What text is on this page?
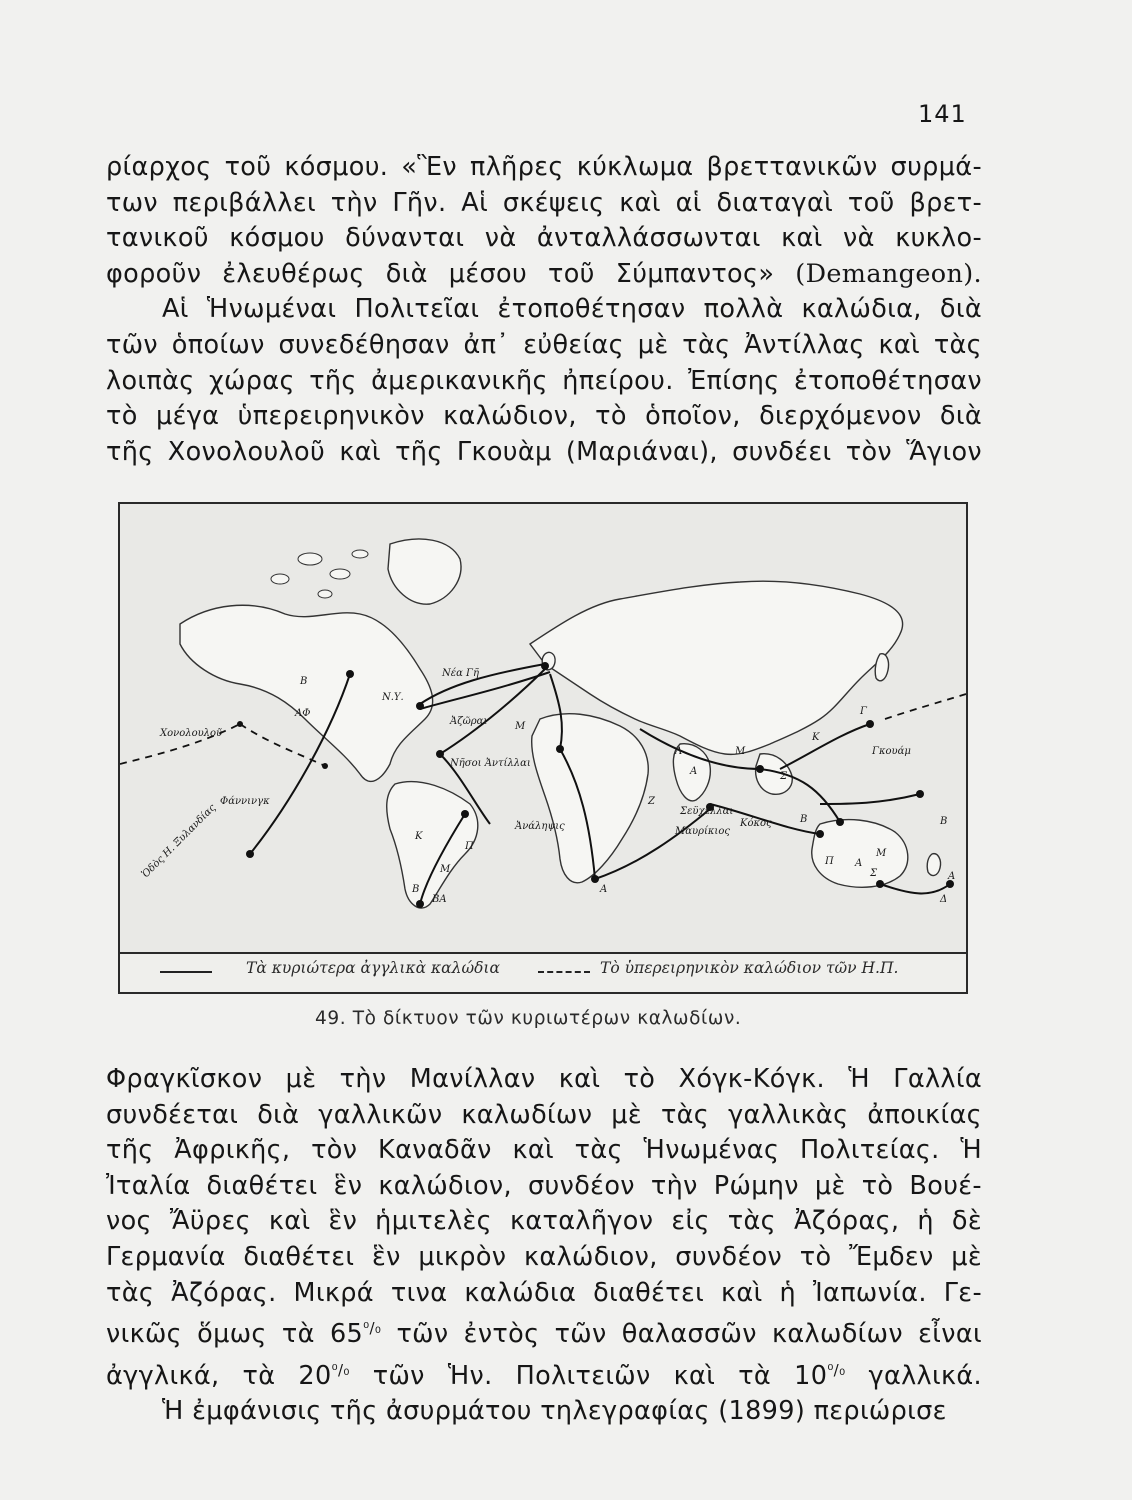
141

ρίαρχος τοῦ κόσμου. «Ἓν πλῆρες κύκλωμα βρεττανικῶν συρμά-

των περιβάλλει τὴν Γῆν. Αἱ σκέψεις καὶ αἱ διαταγαὶ τοῦ βρετ-

τανικοῦ κόσμου δύνανται νὰ ἀνταλλάσσωνται καὶ νὰ κυκλο-

φοροῦν ἐλευθέρως διὰ μέσου τοῦ Σύμπαντος» (Demangeon).

Αἱ Ἡνωμέναι Πολιτεῖαι ἐτοποθέτησαν πολλὰ καλώδια, διὰ

τῶν ὁποίων συνεδέθησαν ἀπ᾽ εὐθείας μὲ τὰς Ἀντίλλας καὶ τὰς

λοιπὰς χώρας τῆς ἀμερικανικῆς ἠπείρου. Ἐπίσης ἐτοποθέτησαν

τὸ μέγα ὑπερειρηνικὸν καλώδιον, τὸ ὁποῖον, διερχόμενον διὰ

τῆς Χονολουλοῦ καὶ τῆς Γκουὰμ (Μαριάναι), συνδέει τὸν Ἅγιον

Ν.Υ.
Νέα Γῆ
Ἀζῶραι
Νῆσοι Ἀντίλλαι
Ἀνάληψις
Σεϋχέλλαι
Μαυρίκιος
Κόκος
Χονολουλοῦ
Φάννινγκ
Ὁδὸς Η. Ξυλανδίας
Γκουάμ
Β
ΑΦ
Κ
Π
Μ
Β
ΒΑ
Λ
Ζ
Α
Α
Μ
Κ
Σ
Γ
Μ
Β
Π Α
Μ
Σ
Β
Α
Δ
Τὰ κυριώτερα ἀγγλικὰ καλώδια	Τὸ ὑπερειρηνικὸν καλώδιον τῶν Η.Π.
49. Τὸ δίκτυον τῶν κυριωτέρων καλωδίων.

Φραγκῖσκον μὲ τὴν Μανίλλαν καὶ τὸ Χόγκ-Κόγκ. Ἡ Γαλλία

συνδέεται διὰ γαλλικῶν καλωδίων μὲ τὰς γαλλικὰς ἀποικίας

τῆς Ἀφρικῆς, τὸν Καναδᾶν καὶ τὰς Ἡνωμένας Πολιτείας. Ἡ

Ἰταλία διαθέτει ἓν καλώδιον, συνδέον τὴν Ρώμην μὲ τὸ Βουέ-

νος Ἄϋρες καὶ ἓν ἡμιτελὲς καταλῆγον εἰς τὰς Ἀζόρας, ἡ δὲ

Γερμανία διαθέτει ἓν μικρὸν καλώδιον, συνδέον τὸ Ἔμδεν μὲ

τὰς Ἀζόρας. Μικρά τινα καλώδια διαθέτει καὶ ἡ Ἰαπωνία. Γε-

νικῶς ὅμως τὰ $65^{^0/_0}$ τῶν ἐντὸς τῶν θαλασσῶν καλωδίων εἶναι

ἀγγλικά, τὰ $20^{^0/_0}$ τῶν Ἡν. Πολιτειῶν καὶ τὰ $10^{^0/_0}$ γαλλικά.

Ἡ ἐμφάνισις τῆς ἀσυρμάτου τηλεγραφίας (1899) περιώρισε
